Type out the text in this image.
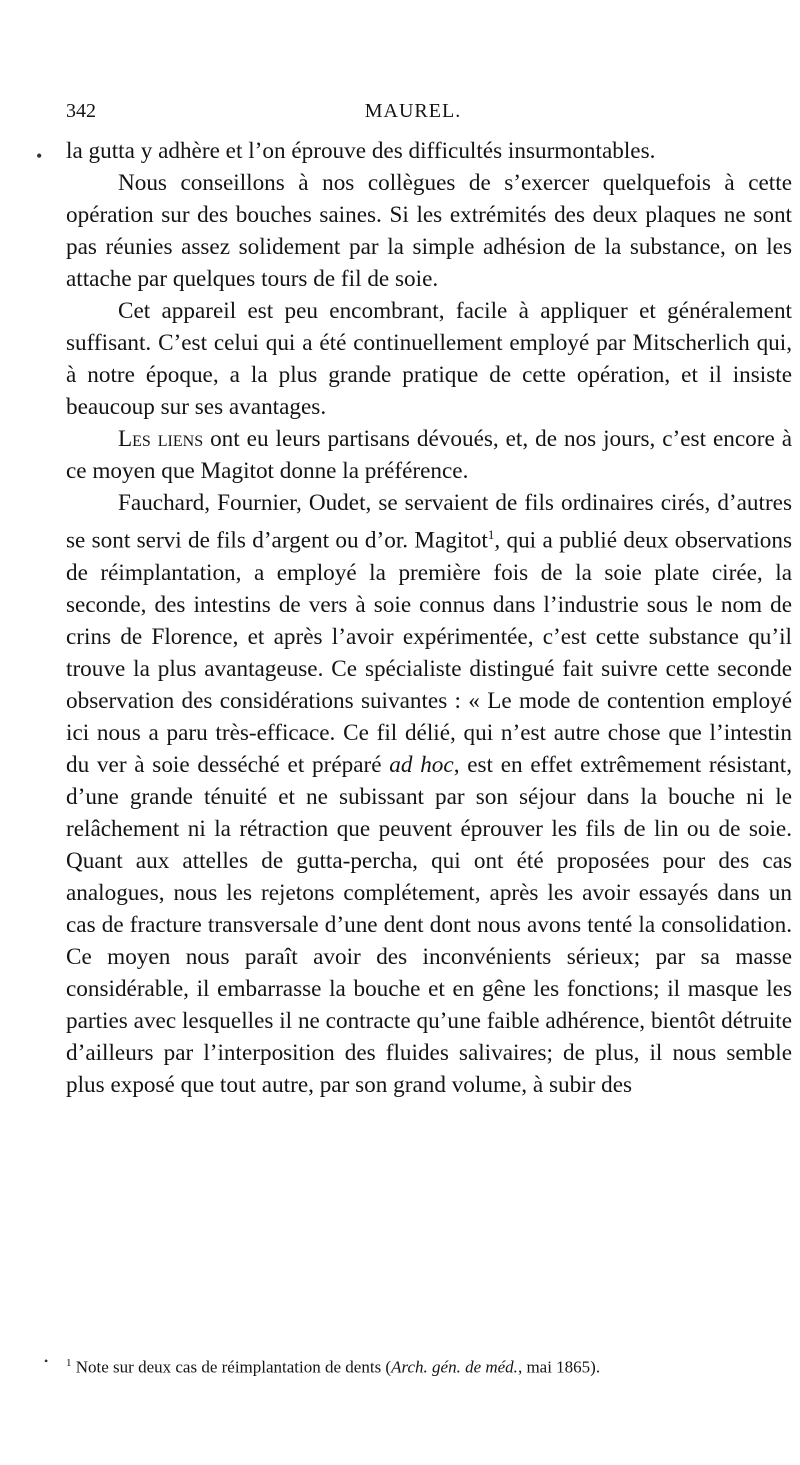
342	MAUREL.
• la gutta y adhère et l’on éprouve des difficultés insurmontables.

Nous conseillons à nos collègues de s’exercer quelquefois à cette opération sur des bouches saines. Si les extrémités des deux plaques ne sont pas réunies assez solidement par la simple adhésion de la substance, on les attache par quelques tours de fil de soie.

Cet appareil est peu encombrant, facile à appliquer et généralement suffisant. C’est celui qui a été continuellement employé par Mitscherlich qui, à notre époque, a la plus grande pratique de cette opération, et il insiste beaucoup sur ses avantages.

Les liens ont eu leurs partisans dévoués, et, de nos jours, c’est encore à ce moyen que Magitot donne la préférence.

Fauchard, Fournier, Oudet, se servaient de fils ordinaires cirés, d’autres se sont servi de fils d’argent ou d’or. Magitot$^1$, qui a publié deux observations de réimplantation, a employé la première fois de la soie plate cirée, la seconde, des intestins de vers à soie connus dans l’industrie sous le nom de crins de Florence, et après l’avoir expérimentée, c’est cette substance qu’il trouve la plus avantageuse. Ce spécialiste distingué fait suivre cette seconde observation des considérations suivantes : « Le mode de contention employé ici nous a paru très-efficace. Ce fil délié, qui n’est autre chose que l’intestin du ver à soie desséché et préparé ad hoc, est en effet extrêmement résistant, d’une grande ténuité et ne subissant par son séjour dans la bouche ni le relâchement ni la rétraction que peuvent éprouver les fils de lin ou de soie. Quant aux attelles de gutta-percha, qui ont été proposées pour des cas analogues, nous les rejetons complétement, après les avoir essayés dans un cas de fracture transversale d’une dent dont nous avons tenté la consolidation. Ce moyen nous paraît avoir des inconvénients sérieux; par sa masse considérable, il embarrasse la bouche et en gêne les fonctions; il masque les parties avec lesquelles il ne contracte qu’une faible adhérence, bientôt détruite d’ailleurs par l’interposition des fluides salivaires; de plus, il nous semble plus exposé que tout autre, par son grand volume, à subir des

• $^1$ Note sur deux cas de réimplantation de dents (Arch. gén. de méd., mai 1865).
